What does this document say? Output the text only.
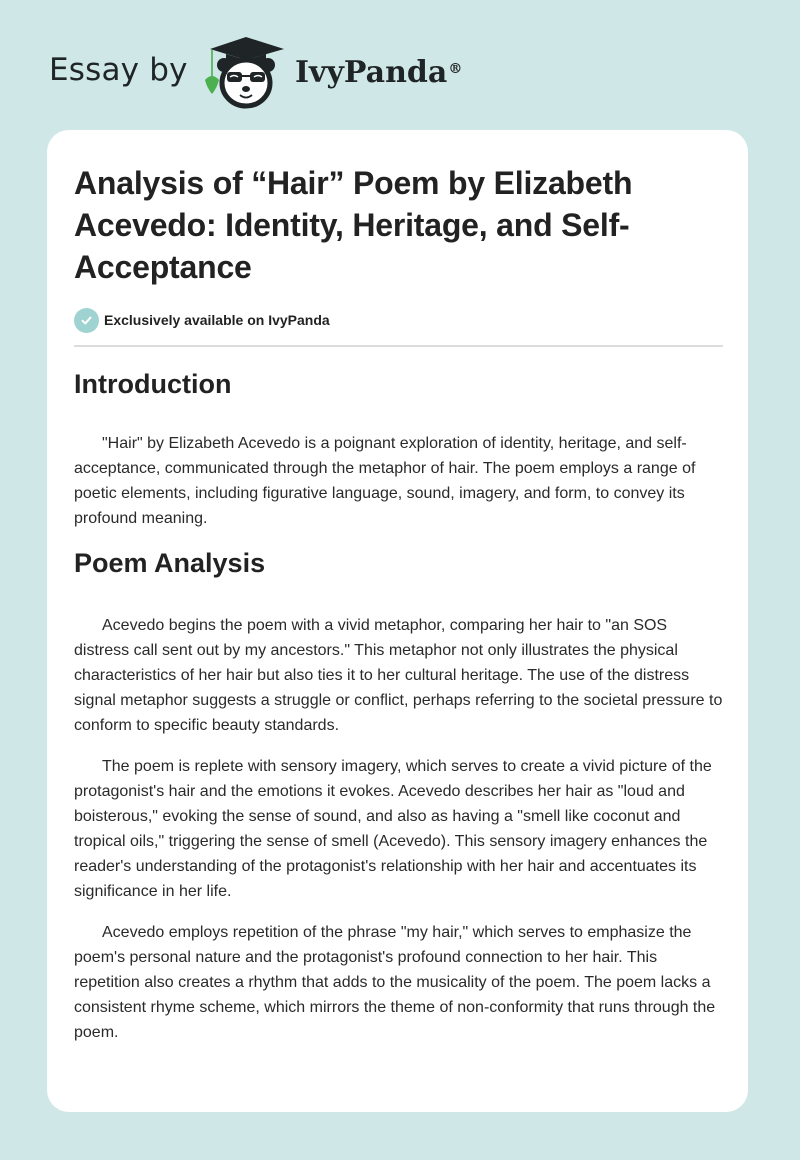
Essay by	IvyPanda®
Analysis of “Hair” Poem by Elizabeth Acevedo: Identity, Heritage, and Self-Acceptance
Exclusively available on IvyPanda
Introduction

"Hair" by Elizabeth Acevedo is a poignant exploration of identity, heritage, and self-acceptance, communicated through the metaphor of hair. The poem employs a range of poetic elements, including figurative language, sound, imagery, and form, to convey its profound meaning.

Poem Analysis

Acevedo begins the poem with a vivid metaphor, comparing her hair to "an SOS distress call sent out by my ancestors." This metaphor not only illustrates the physical characteristics of her hair but also ties it to her cultural heritage. The use of the distress signal metaphor suggests a struggle or conflict, perhaps referring to the societal pressure to conform to specific beauty standards.

The poem is replete with sensory imagery, which serves to create a vivid picture of the protagonist's hair and the emotions it evokes. Acevedo describes her hair as "loud and boisterous," evoking the sense of sound, and also as having a "smell like coconut and tropical oils," triggering the sense of smell (Acevedo). This sensory imagery enhances the reader's understanding of the protagonist's relationship with her hair and accentuates its significance in her life.

Acevedo employs repetition of the phrase "my hair," which serves to emphasize the poem's personal nature and the protagonist's profound connection to her hair. This repetition also creates a rhythm that adds to the musicality of the poem. The poem lacks a consistent rhyme scheme, which mirrors the theme of non-conformity that runs through the poem.
